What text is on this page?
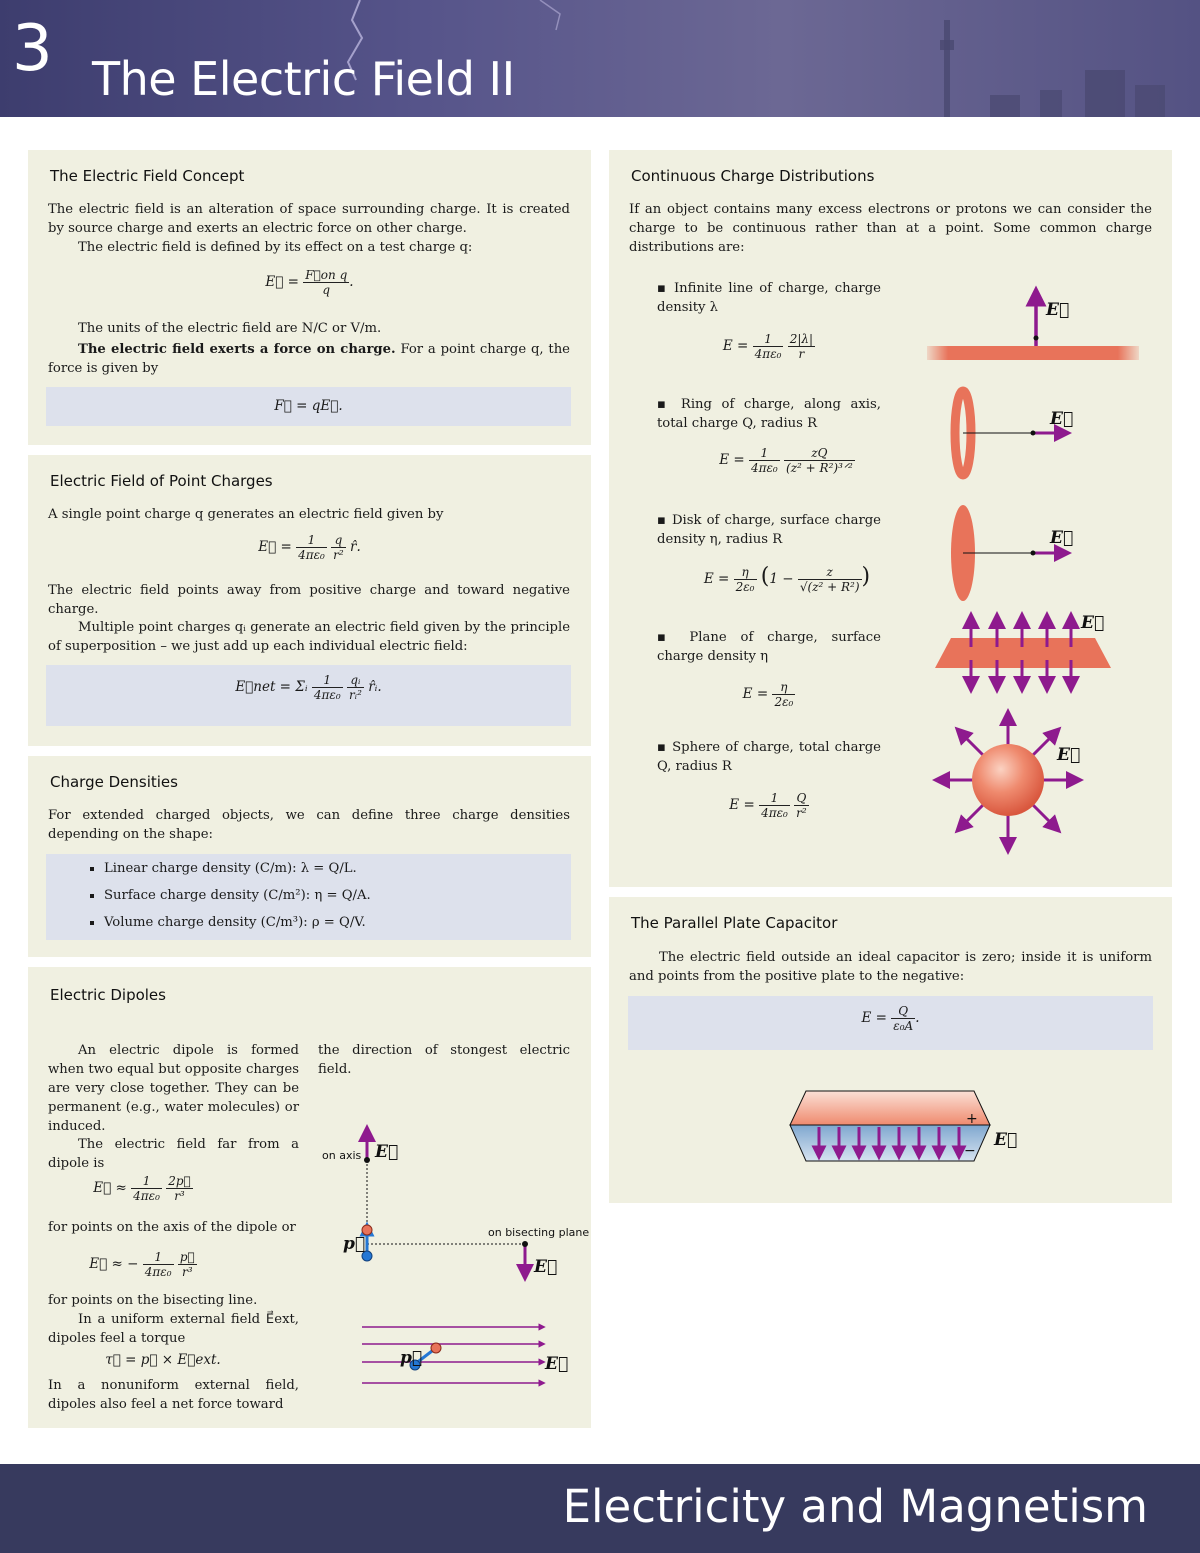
3 The Electric Field II
The Electric Field Concept
The electric field is an alteration of space surrounding charge. It is created by source charge and exerts an electric force on other charge.
The electric field is defined by its effect on a test charge q:
E⃗ = $\frac{\text{F⃗on q}}{q}$ .
The units of the electric field are N/C or V/m.
The electric field exerts a force on charge. For a point charge q, the force is given by
F⃗ = qE⃗.
Electric Field of Point Charges
A single point charge q generates an electric field given by
E⃗ = $\frac{1}{\text{4πε₀}}$
$\frac{q}{\text{r²}}$ r̂.
The electric field points away from positive charge and toward negative charge.
Multiple point charges qᵢ generate an electric field given by the principle of superposition – we just add up each individual electric field:
E⃗net = Σᵢ $\frac{1}{\text{4πε₀}}$
$\frac{\text{qᵢ}}{\text{rᵢ²}}$ r̂ᵢ.
Charge Densities
For extended charged objects, we can define three charge densities depending on the shape:
▪ Linear charge density (C/m): λ = Q/L.
▪ Surface charge density (C/m²): η = Q/A.
▪ Volume charge density (C/m³): ρ = Q/V.
Electric Dipoles
An electric dipole is formed when two equal but opposite charges are very close together. They can be permanent (e.g., water molecules) or induced.
The electric field far from a dipole is
E⃗ ≈ $\frac{1}{\text{4πε₀}}$
$\frac{2p⃗}{\text{r³}}$
for points on the axis of the dipole or
E⃗ ≈ − $\frac{1}{\text{4πε₀}}$
$\frac{p⃗}{\text{r³}}$
for points on the bisecting line.
In a uniform external field E⃗ext, dipoles feel a torque
τ⃗ = p⃗ × E⃗ext.
In a nonuniform external field, dipoles also feel a net force toward
the direction of stongest electric field.
on axis
on bisecting plane
E⃗
E⃗
p⃗
p⃗	E⃗
Continuous Charge Distributions
If an object contains many excess electrons or protons we can consider the charge to be continuous rather than at a point. Some common charge distributions are:
▪ Infinite line of charge, charge density λ
$E = \frac{1}{\text{4πε₀}}$
$\frac{2|\lambda|}{r}$
▪ Ring of charge, along axis, total charge Q, radius R
$E = \frac{1}{\text{4πε₀}}$
$\frac{zQ}{\text{(z² + R²)³ᐟ²}}$
▪ Disk of charge, surface charge density η, radius R
$E = \frac{\eta}{\text{2ε₀}} (1 - \frac{z}{\text{√(z² + R²)}}$ )
▪ Plane of charge, surface charge density η
$E = \frac{\eta}{\text{2ε₀}}$
▪ Sphere of charge, total charge Q, radius R
$E = \frac{1}{\text{4πε₀}}$
$\frac{Q}{\text{r²}}$
E⃗
E⃗
E⃗
E⃗
E⃗
The Parallel Plate Capacitor
The electric field outside an ideal capacitor is zero; inside it is uniform and points from the positive plate to the negative:
$E = \frac{Q}{\text{ε₀A}}$ .
+
−
E⃗
Electricity and Magnetism
